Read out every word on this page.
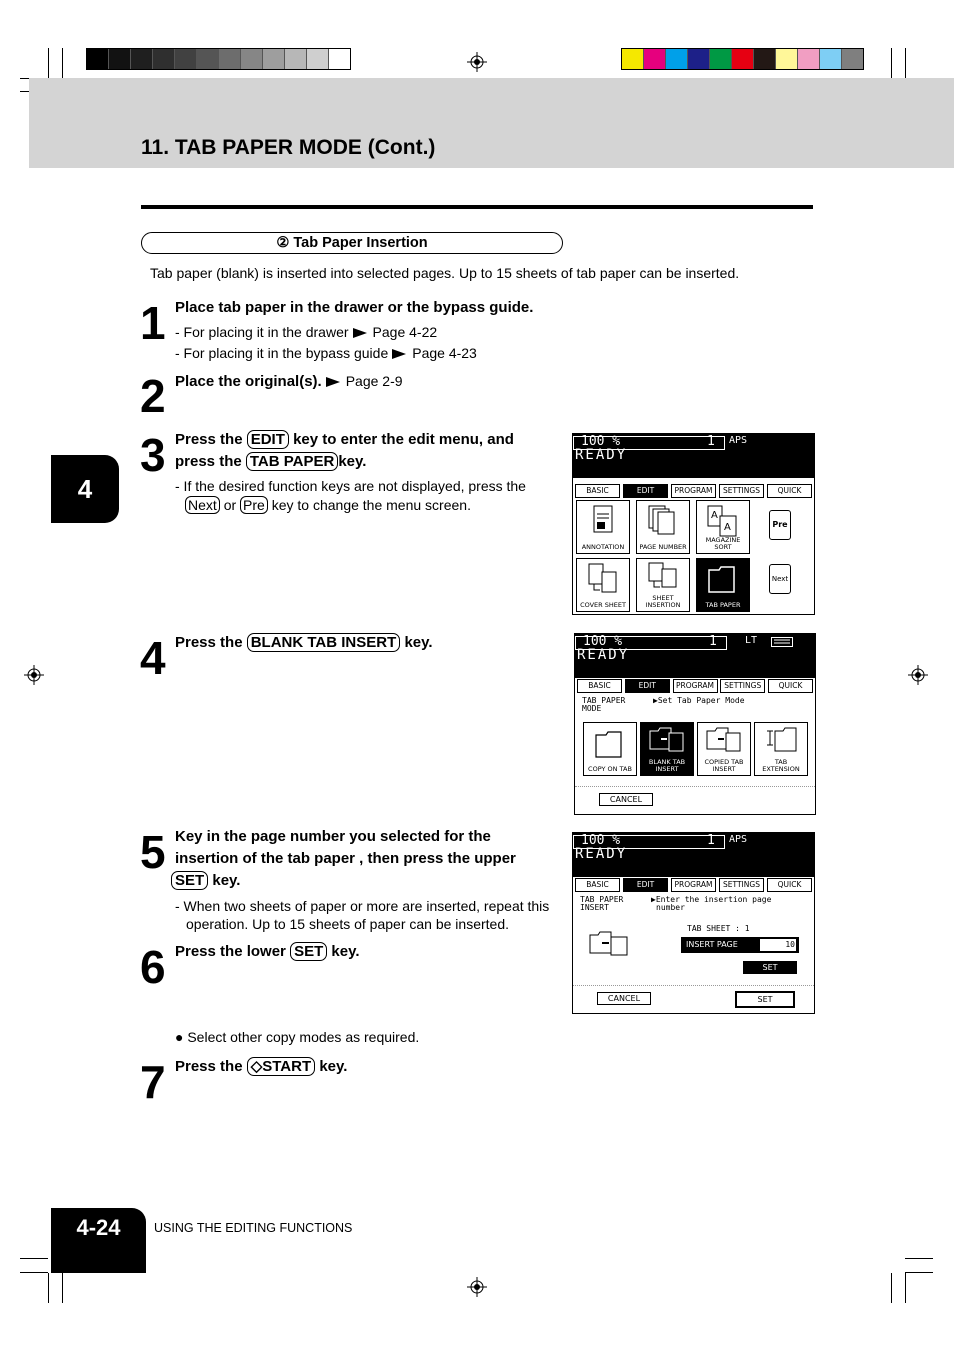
11. TAB PAPER MODE (Cont.)
② Tab Paper Insertion
Tab paper (blank) is inserted into selected pages. Up to 15 sheets of tab paper can be inserted.
4
1 Place tab paper in the drawer or the bypass guide.
- For placing it in the drawer Page 4-22
- For placing it in the bypass guide Page 4-23
2 Place the original(s). Page 2-9
3 Press the EDIT key to enter the edit menu, and
press the TAB PAPER key.
- If the desired function keys are not displayed, press the
Next or Pre key to change the menu screen.
4 Press the BLANK TAB INSERT key.
5 Key in the page number you selected for the
insertion of the tab paper , then press the upper
SET key.
- When two sheets of paper or more are inserted, repeat this
operation. Up to 15 sheets of paper can be inserted.
6 Press the lower SET key.
● Select other copy modes as required.
7 Press the ◇START key.
100 %	1 APS
READY
BASIC	EDIT	PROGRAM	SETTINGS	QUICK
ANNOTATION	PAGE NUMBER
A
A
MAGAZINE SORT
COVER SHEET
SHEET INSERTION	TAB PAPER
Pre
Next
100 %	1	LT
READY
BASIC	EDIT	PROGRAM	SETTINGS	QUICK
TAB PAPER
MODE
▶Set Tab Paper Mode
COPY ON TAB
BLANK TAB INSERT
COPIED TAB INSERT
TAB EXTENSION
CANCEL
100 %	1 APS
READY
BASIC	EDIT	PROGRAM	SETTINGS	QUICK
TAB PAPER
INSERT
▶Enter the insertion page
number
TAB SHEET : 1
INSERT PAGE	10
SET
CANCEL	SET
4-24	USING THE EDITING FUNCTIONS
